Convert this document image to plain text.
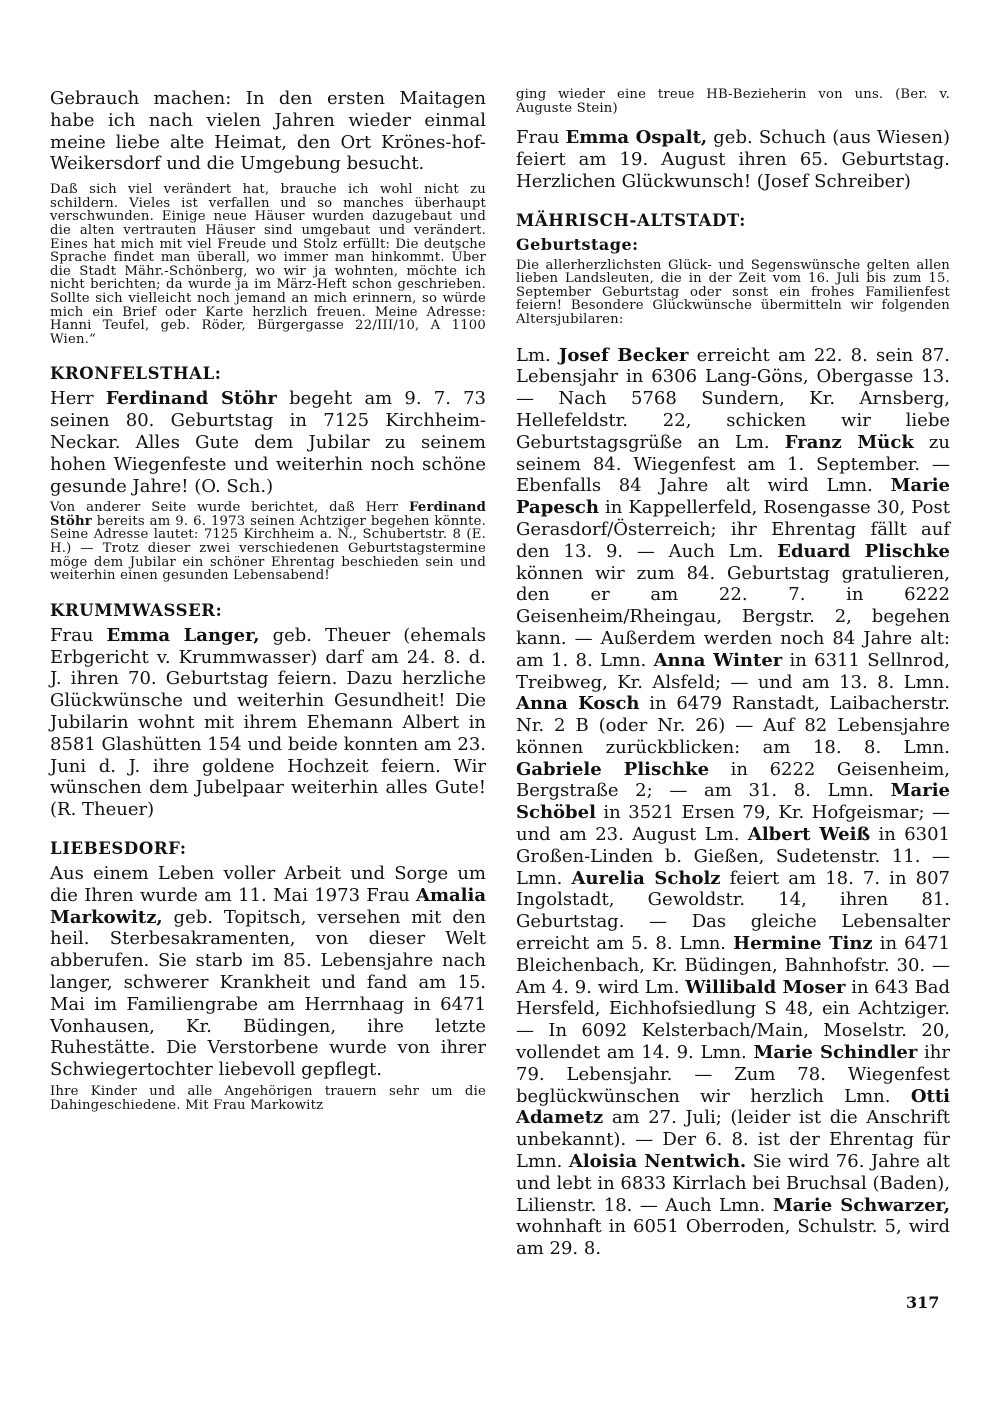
Gebrauch machen: In den ersten Maitagen habe ich nach vielen Jahren wieder einmal meine liebe alte Heimat, den Ort Krönes-hof-Weikersdorf und die Umgebung besucht.

Daß sich viel verändert hat, brauche ich wohl nicht zu schildern. Vieles ist verfallen und so manches überhaupt verschwunden. Einige neue Häuser wurden dazugebaut und die alten vertrauten Häuser sind umgebaut und verändert. Eines hat mich mit viel Freude und Stolz erfüllt: Die deutsche Sprache findet man überall, wo immer man hinkommt. Über die Stadt Mähr.-Schönberg, wo wir ja wohnten, möchte ich nicht berichten; da wurde ja im März-Heft schon geschrieben. Sollte sich vielleicht noch jemand an mich erinnern, so würde mich ein Brief oder Karte herzlich freuen. Meine Adresse: Hanni Teufel, geb. Röder, Bürgergasse 22/III/10, A 1100 Wien.“

KRONFELSTHAL:

Herr Ferdinand Stöhr begeht am 9. 7. 73 seinen 80. Geburtstag in 7125 Kirchheim-Neckar. Alles Gute dem Jubilar zu seinem hohen Wiegenfeste und weiterhin noch schöne gesunde Jahre! (O. Sch.)

Von anderer Seite wurde berichtet, daß Herr Ferdinand Stöhr bereits am 9. 6. 1973 seinen Achtziger begehen könnte. Seine Adresse lautet: 7125 Kirchheim a. N., Schubertstr. 8 (E. H.) — Trotz dieser zwei verschiedenen Geburtstagstermine möge dem Jubilar ein schöner Ehrentag beschieden sein und weiterhin einen gesunden Lebensabend!

KRUMMWASSER:

Frau Emma Langer, geb. Theuer (ehemals Erbgericht v. Krummwasser) darf am 24. 8. d. J. ihren 70. Geburtstag feiern. Dazu herzliche Glückwünsche und weiterhin Gesundheit! Die Jubilarin wohnt mit ihrem Ehemann Albert in 8581 Glashütten 154 und beide konnten am 23. Juni d. J. ihre goldene Hochzeit feiern. Wir wünschen dem Jubelpaar weiterhin alles Gute! (R. Theuer)

LIEBESDORF:

Aus einem Leben voller Arbeit und Sorge um die Ihren wurde am 11. Mai 1973 Frau Amalia Markowitz, geb. Topitsch, versehen mit den heil. Sterbesakramenten, von dieser Welt abberufen. Sie starb im 85. Lebensjahre nach langer, schwerer Krankheit und fand am 15. Mai im Familiengrabe am Herrnhaag in 6471 Vonhausen, Kr. Büdingen, ihre letzte Ruhestätte. Die Verstorbene wurde von ihrer Schwiegertochter liebevoll gepflegt.

Ihre Kinder und alle Angehörigen trauern sehr um die Dahingeschiedene. Mit Frau Markowitz

ging wieder eine treue HB-Bezieherin von uns. (Ber. v. Auguste Stein)

Frau Emma Ospalt, geb. Schuch (aus Wiesen) feiert am 19. August ihren 65. Geburtstag. Herzlichen Glückwunsch! (Josef Schreiber)

MÄHRISCH-ALTSTADT:
Geburtstage:

Die allerherzlichsten Glück- und Segenswünsche gelten allen lieben Landsleuten, die in der Zeit vom 16. Juli bis zum 15. September Geburtstag oder sonst ein frohes Familienfest feiern! Besondere Glückwünsche übermitteln wir folgenden Altersjubilaren:

Lm. Josef Becker erreicht am 22. 8. sein 87. Lebensjahr in 6306 Lang-Göns, Obergasse 13. — Nach 5768 Sundern, Kr. Arnsberg, Hellefeldstr. 22, schicken wir liebe Geburtstagsgrüße an Lm. Franz Mück zu seinem 84. Wiegenfest am 1. September. — Ebenfalls 84 Jahre alt wird Lmn. Marie Papesch in Kappellerfeld, Rosengasse 30, Post Gerasdorf/Österreich; ihr Ehrentag fällt auf den 13. 9. — Auch Lm. Eduard Plischke können wir zum 84. Geburtstag gratulieren, den er am 22. 7. in 6222 Geisenheim/Rheingau, Bergstr. 2, begehen kann. — Außerdem werden noch 84 Jahre alt: am 1. 8. Lmn. Anna Winter in 6311 Sellnrod, Treibweg, Kr. Alsfeld; — und am 13. 8. Lmn. Anna Kosch in 6479 Ranstadt, Laibacherstr. Nr. 2 B (oder Nr. 26) — Auf 82 Lebensjahre können zurückblicken: am 18. 8. Lmn. Gabriele Plischke in 6222 Geisenheim, Bergstraße 2; — am 31. 8. Lmn. Marie Schöbel in 3521 Ersen 79, Kr. Hofgeismar; — und am 23. August Lm. Albert Weiß in 6301 Großen-Linden b. Gießen, Sudetenstr. 11. — Lmn. Aurelia Scholz feiert am 18. 7. in 807 Ingolstadt, Gewoldstr. 14, ihren 81. Geburtstag. — Das gleiche Lebensalter erreicht am 5. 8. Lmn. Hermine Tinz in 6471 Bleichenbach, Kr. Büdingen, Bahnhofstr. 30. — Am 4. 9. wird Lm. Willibald Moser in 643 Bad Hersfeld, Eichhofsiedlung S 48, ein Achtziger. — In 6092 Kelsterbach/Main, Moselstr. 20, vollendet am 14. 9. Lmn. Marie Schindler ihr 79. Lebensjahr. — Zum 78. Wiegenfest beglückwünschen wir herzlich Lmn. Otti Adametz am 27. Juli; (leider ist die Anschrift unbekannt). — Der 6. 8. ist der Ehrentag für Lmn. Aloisia Nentwich. Sie wird 76. Jahre alt und lebt in 6833 Kirrlach bei Bruchsal (Baden), Lilienstr. 18. — Auch Lmn. Marie Schwarzer, wohnhaft in 6051 Oberroden, Schulstr. 5, wird am 29. 8.

317
